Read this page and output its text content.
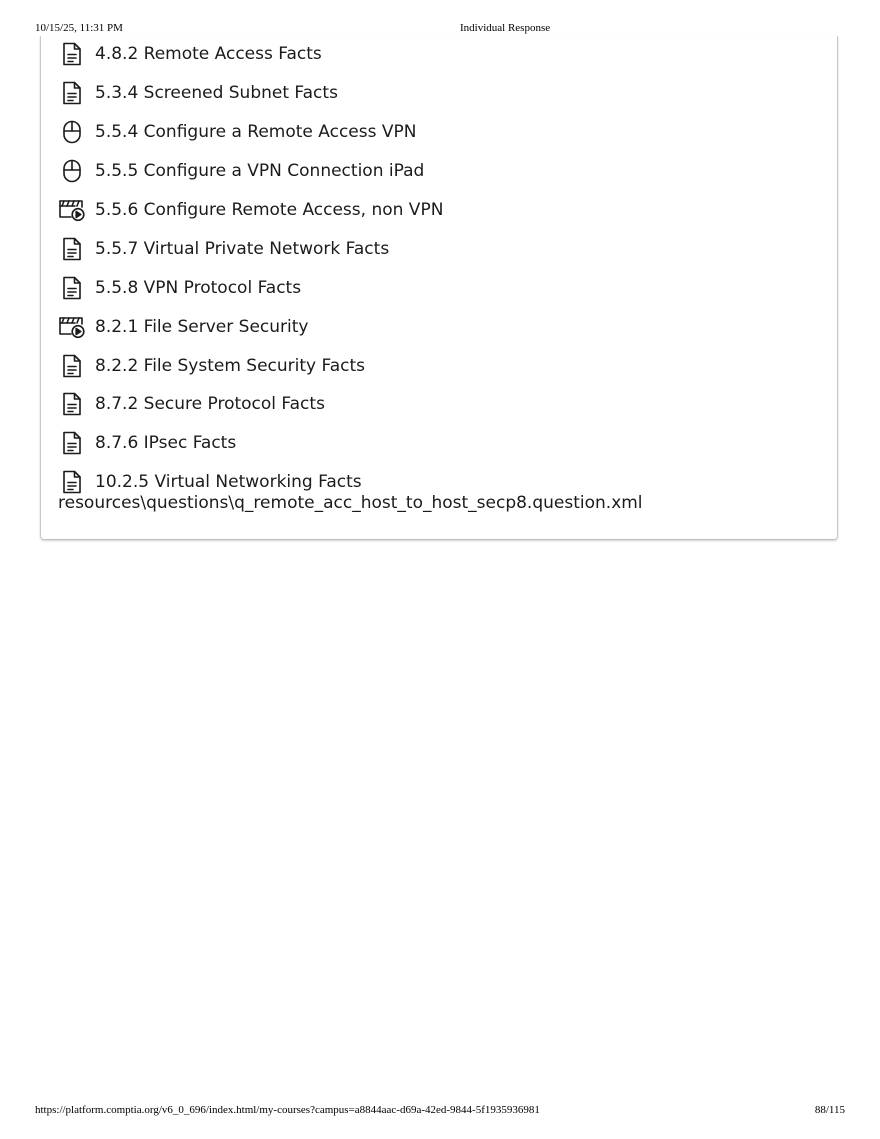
10/15/25, 11:31 PM	Individual Response
4.8.2 Remote Access Facts
5.3.4 Screened Subnet Facts
5.5.4 Configure a Remote Access VPN
5.5.5 Configure a VPN Connection iPad
5.5.6 Configure Remote Access, non VPN
5.5.7 Virtual Private Network Facts
5.5.8 VPN Protocol Facts
8.2.1 File Server Security
8.2.2 File System Security Facts
8.7.2 Secure Protocol Facts
8.7.6 IPsec Facts
10.2.5 Virtual Networking Facts
resources\questions\q_remote_acc_host_to_host_secp8.question.xml
https://platform.comptia.org/v6_0_696/index.html/my-courses?campus=a8844aac-d69a-42ed-9844-5f1935936981	88/115
